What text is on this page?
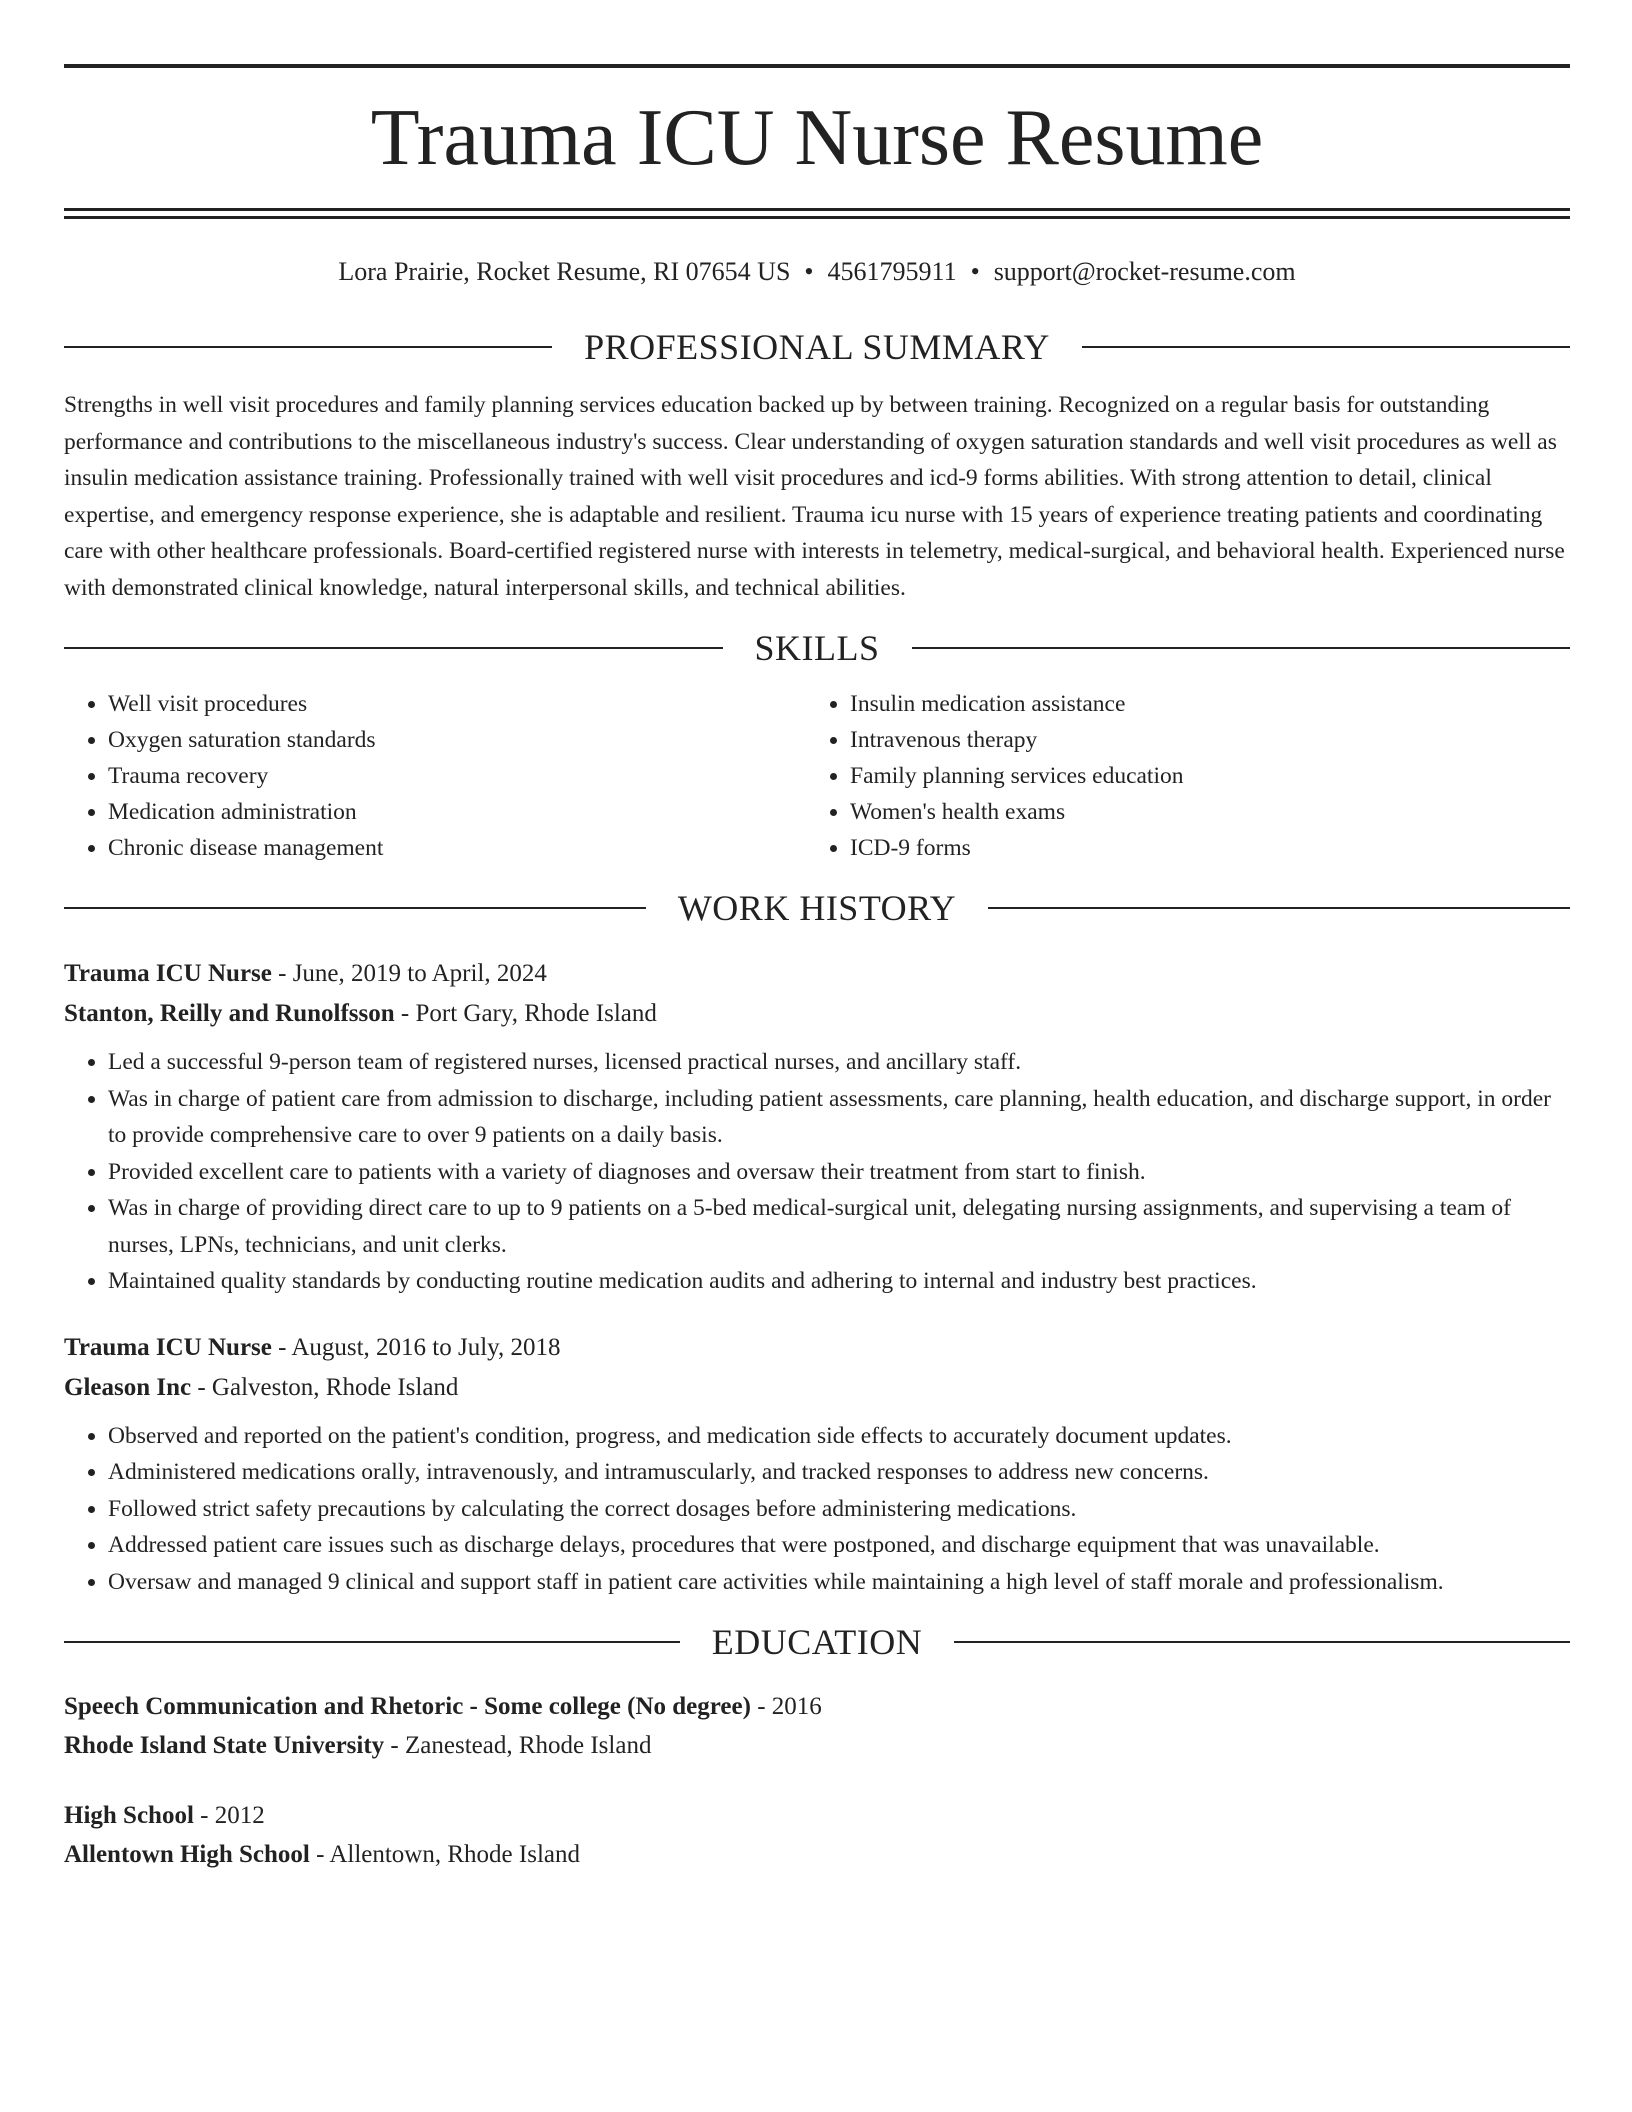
Trauma ICU Nurse Resume
Lora Prairie, Rocket Resume, RI 07654 US • 4561795911 • support@rocket-resume.com
PROFESSIONAL SUMMARY
Strengths in well visit procedures and family planning services education backed up by between training. Recognized on a regular basis for outstanding performance and contributions to the miscellaneous industry's success. Clear understanding of oxygen saturation standards and well visit procedures as well as insulin medication assistance training. Professionally trained with well visit procedures and icd-9 forms abilities. With strong attention to detail, clinical expertise, and emergency response experience, she is adaptable and resilient. Trauma icu nurse with 15 years of experience treating patients and coordinating care with other healthcare professionals. Board-certified registered nurse with interests in telemetry, medical-surgical, and behavioral health. Experienced nurse with demonstrated clinical knowledge, natural interpersonal skills, and technical abilities.
SKILLS
• Well visit procedures
• Oxygen saturation standards
• Trauma recovery
• Medication administration
• Chronic disease management
• Insulin medication assistance
• Intravenous therapy
• Family planning services education
• Women's health exams
• ICD-9 forms
WORK HISTORY
Trauma ICU Nurse - June, 2019 to April, 2024
Stanton, Reilly and Runolfsson - Port Gary, Rhode Island
• Led a successful 9-person team of registered nurses, licensed practical nurses, and ancillary staff.
• Was in charge of patient care from admission to discharge, including patient assessments, care planning, health education, and discharge support, in order to provide comprehensive care to over 9 patients on a daily basis.
• Provided excellent care to patients with a variety of diagnoses and oversaw their treatment from start to finish.
• Was in charge of providing direct care to up to 9 patients on a 5-bed medical-surgical unit, delegating nursing assignments, and supervising a team of nurses, LPNs, technicians, and unit clerks.
• Maintained quality standards by conducting routine medication audits and adhering to internal and industry best practices.
Trauma ICU Nurse - August, 2016 to July, 2018
Gleason Inc - Galveston, Rhode Island
• Observed and reported on the patient's condition, progress, and medication side effects to accurately document updates.
• Administered medications orally, intravenously, and intramuscularly, and tracked responses to address new concerns.
• Followed strict safety precautions by calculating the correct dosages before administering medications.
• Addressed patient care issues such as discharge delays, procedures that were postponed, and discharge equipment that was unavailable.
• Oversaw and managed 9 clinical and support staff in patient care activities while maintaining a high level of staff morale and professionalism.
EDUCATION
Speech Communication and Rhetoric - Some college (No degree) - 2016
Rhode Island State University - Zanestead, Rhode Island
High School - 2012
Allentown High School - Allentown, Rhode Island
